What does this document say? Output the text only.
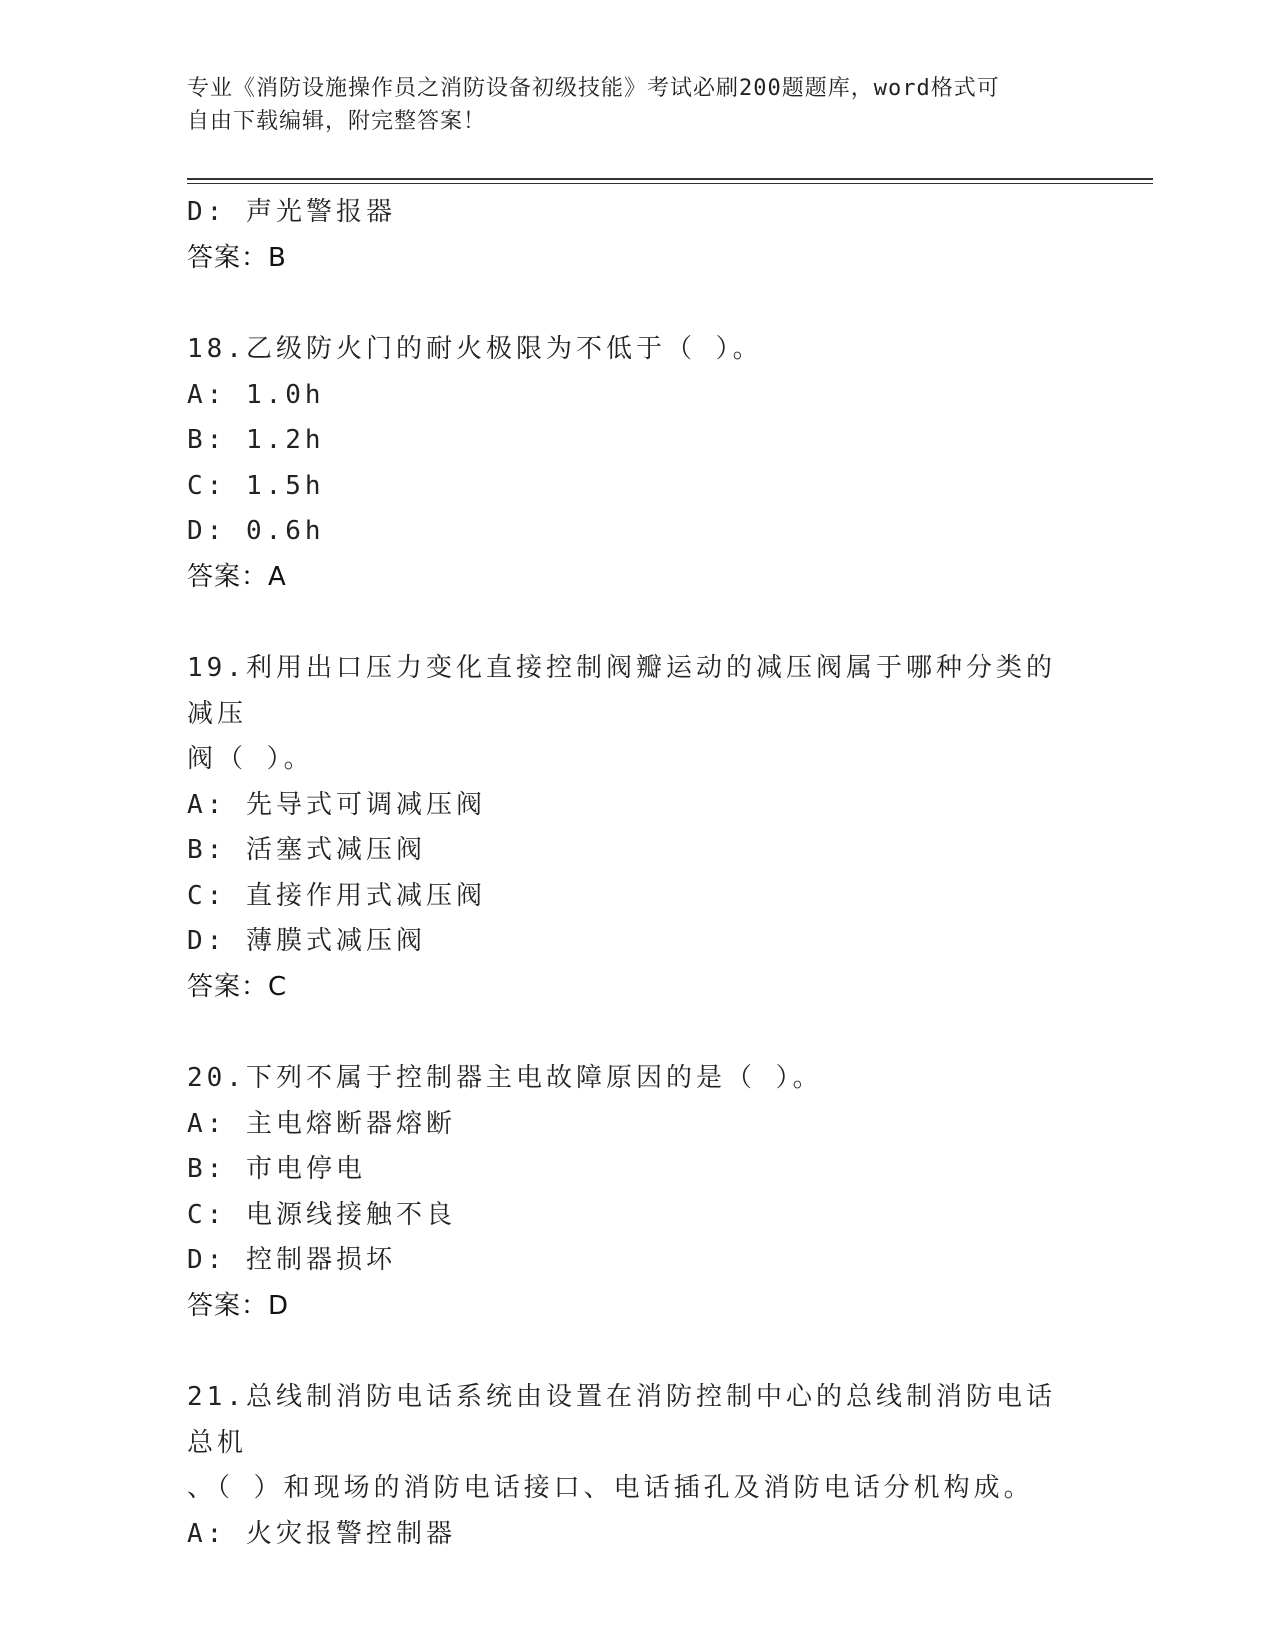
专业《消防设施操作员之消防设备初级技能》考试必刷200题题库，word格式可
自由下载编辑，附完整答案！
D: 声光警报器
答案：B
18.乙级防火门的耐火极限为不低于（ ）。
A: 1.0h
B: 1.2h
C: 1.5h
D: 0.6h
答案：A
19.利用出口压力变化直接控制阀瓣运动的减压阀属于哪种分类的减压
阀（ ）。
A: 先导式可调减压阀
B: 活塞式减压阀
C: 直接作用式减压阀
D: 薄膜式减压阀
答案：C
20.下列不属于控制器主电故障原因的是（ ）。
A: 主电熔断器熔断
B: 市电停电
C: 电源线接触不良
D: 控制器损坏
答案：D
21.总线制消防电话系统由设置在消防控制中心的总线制消防电话总机
、（ ）和现场的消防电话接口、电话插孔及消防电话分机构成。
A: 火灾报警控制器
